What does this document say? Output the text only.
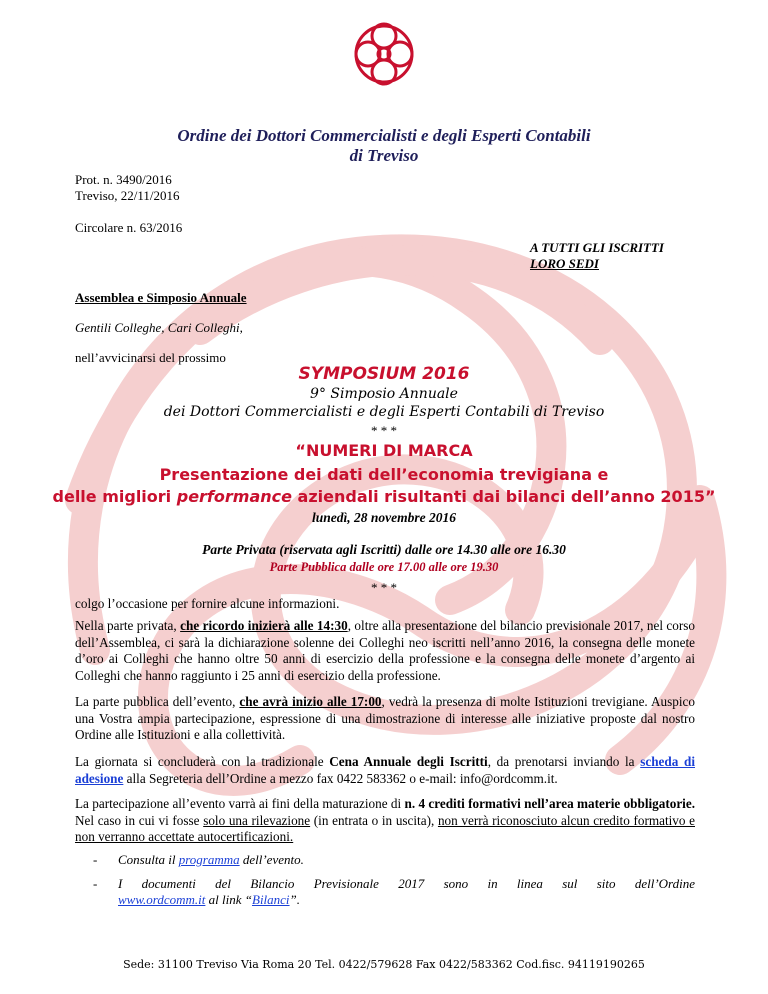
Ordine dei Dottori Commercialisti e degli Esperti Contabili
di Treviso
Prot. n. 3490/2016
Treviso, 22/11/2016
Circolare n. 63/2016
A TUTTI GLI ISCRITTI
LORO SEDI
Assemblea e Simposio Annuale
Gentili Colleghe, Cari Colleghi,
nell’avvicinarsi del prossimo
SYMPOSIUM 2016
9° Simposio Annuale
dei Dottori Commercialisti e degli Esperti Contabili di Treviso
* * *
“NUMERI DI MARCA
Presentazione dei dati dell’economia trevigiana e
delle migliori performance aziendali risultanti dai bilanci dell’anno 2015”
lunedì, 28 novembre 2016
Parte Privata (riservata agli Iscritti) dalle ore 14.30 alle ore 16.30
Parte Pubblica dalle ore 17.00 alle ore 19.30
* * *
colgo l’occasione per fornire alcune informazioni.
Nella parte privata, che ricordo inizierà alle 14:30, oltre alla presentazione del bilancio previsionale 2017, nel corso dell’Assemblea, ci sarà la dichiarazione solenne dei Colleghi neo iscritti nell’anno 2016, la consegna delle monete d’oro ai Colleghi che hanno oltre 50 anni di esercizio della professione e la consegna delle monete d’argento ai Colleghi che hanno raggiunto i 25 anni di esercizio della professione.
La parte pubblica dell’evento, che avrà inizio alle 17:00, vedrà la presenza di molte Istituzioni trevigiane. Auspico una Vostra ampia partecipazione, espressione di una dimostrazione di interesse alle iniziative proposte dal nostro Ordine alle Istituzioni e alla collettività.
La giornata si concluderà con la tradizionale Cena Annuale degli Iscritti, da prenotarsi inviando la scheda di adesione alla Segreteria dell’Ordine a mezzo fax 0422 583362 o e-mail: info@ordcomm.it.
La partecipazione all’evento varrà ai fini della maturazione di n. 4 crediti formativi nell’area materie obbligatorie. Nel caso in cui vi fosse solo una rilevazione (in entrata o in uscita), non verrà riconosciuto alcun credito formativo e non verranno accettate autocertificazioni.
- Consulta il programma dell’evento.
- I documenti del Bilancio Previsionale 2017 sono in linea sul sito dell’Ordine
www.ordcomm.it al link “Bilanci”.
Sede: 31100 Treviso Via Roma 20 Tel. 0422/579628 Fax 0422/583362 Cod.fisc. 94119190265
